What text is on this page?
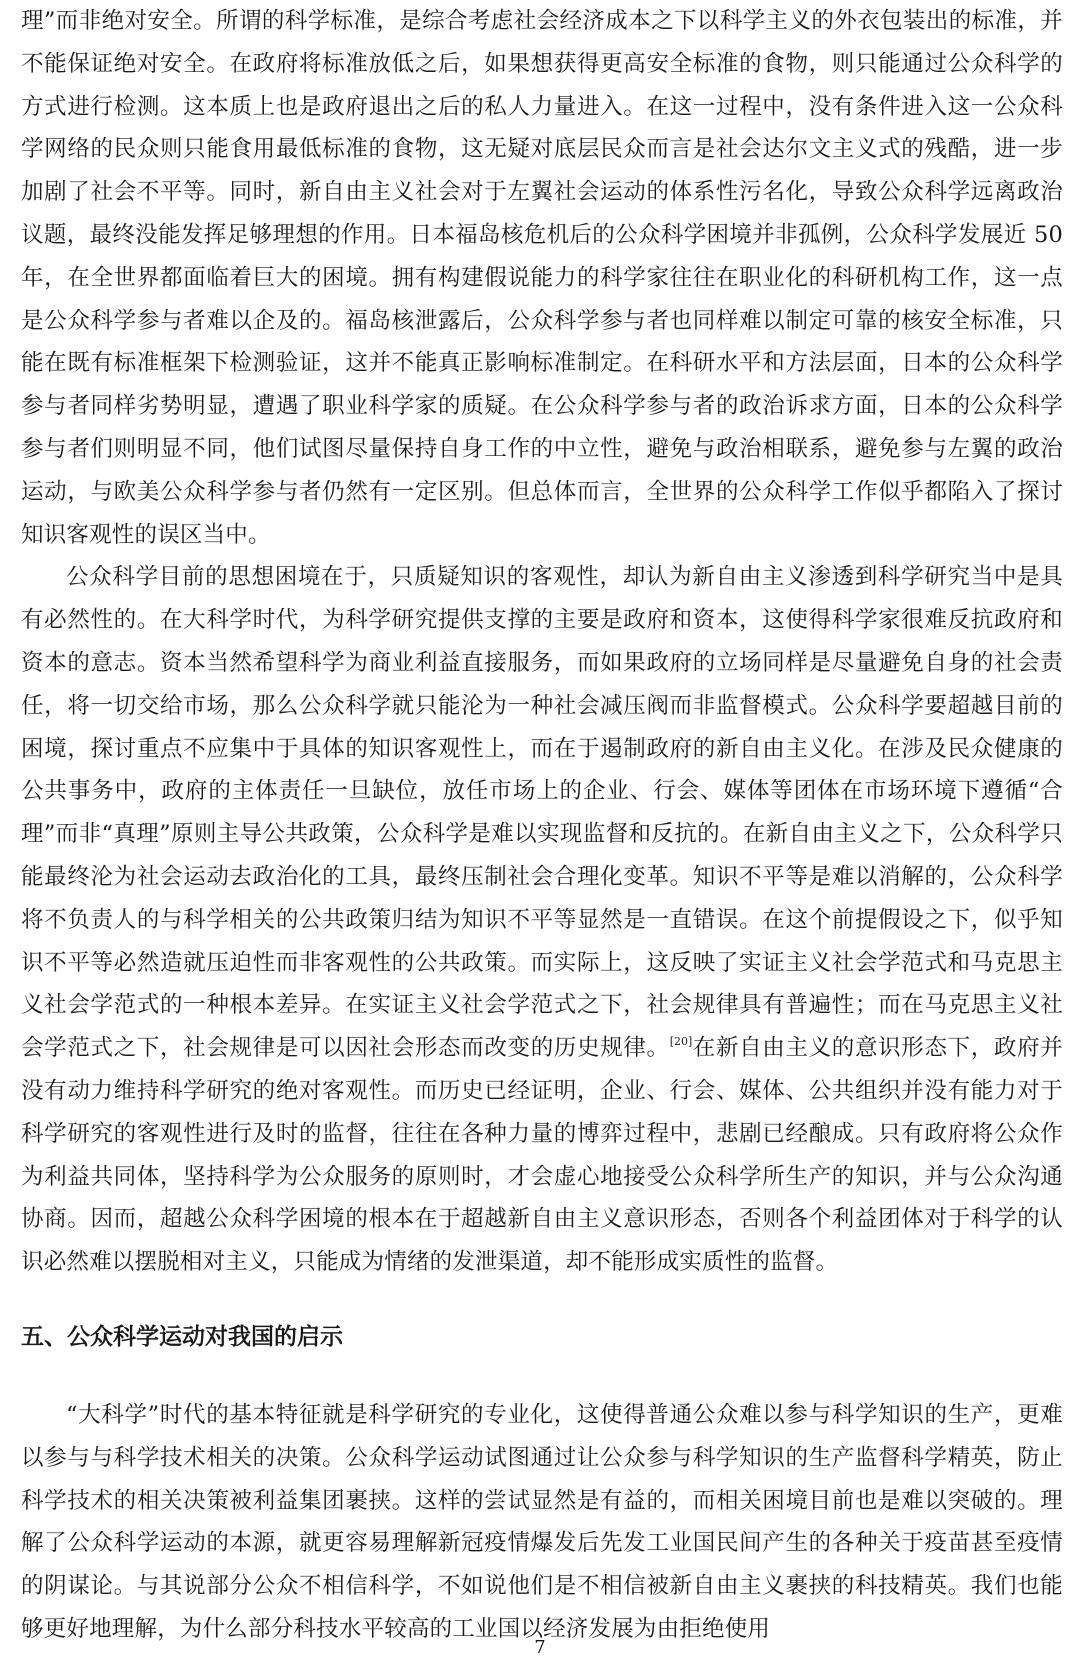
理”而非绝对安全。所谓的科学标准，是综合考虑社会经济成本之下以科学主义的外衣包装出的标准，并不能保证绝对安全。在政府将标准放低之后，如果想获得更高安全标准的食物，则只能通过公众科学的方式进行检测。这本质上也是政府退出之后的私人力量进入。在这一过程中，没有条件进入这一公众科学网络的民众则只能食用最低标准的食物，这无疑对底层民众而言是社会达尔文主义式的残酷，进一步加剧了社会不平等。同时，新自由主义社会对于左翼社会运动的体系性污名化，导致公众科学远离政治议题，最终没能发挥足够理想的作用。日本福岛核危机后的公众科学困境并非孤例，公众科学发展近 50 年，在全世界都面临着巨大的困境。拥有构建假说能力的科学家往往在职业化的科研机构工作，这一点是公众科学参与者难以企及的。福岛核泄露后，公众科学参与者也同样难以制定可靠的核安全标准，只能在既有标准框架下检测验证，这并不能真正影响标准制定。在科研水平和方法层面，日本的公众科学参与者同样劣势明显，遭遇了职业科学家的质疑。在公众科学参与者的政治诉求方面，日本的公众科学参与者们则明显不同，他们试图尽量保持自身工作的中立性，避免与政治相联系，避免参与左翼的政治运动，与欧美公众科学参与者仍然有一定区别。但总体而言，全世界的公众科学工作似乎都陷入了探讨知识客观性的误区当中。

公众科学目前的思想困境在于，只质疑知识的客观性，却认为新自由主义渗透到科学研究当中是具有必然性的。在大科学时代，为科学研究提供支撑的主要是政府和资本，这使得科学家很难反抗政府和资本的意志。资本当然希望科学为商业利益直接服务，而如果政府的立场同样是尽量避免自身的社会责任，将一切交给市场，那么公众科学就只能沦为一种社会减压阀而非监督模式。公众科学要超越目前的困境，探讨重点不应集中于具体的知识客观性上，而在于遏制政府的新自由主义化。在涉及民众健康的公共事务中，政府的主体责任一旦缺位，放任市场上的企业、行会、媒体等团体在市场环境下遵循“合理”而非“真理”原则主导公共政策，公众科学是难以实现监督和反抗的。在新自由主义之下，公众科学只能最终沦为社会运动去政治化的工具，最终压制社会合理化变革。知识不平等是难以消解的，公众科学将不负责人的与科学相关的公共政策归结为知识不平等显然是一直错误。在这个前提假设之下，似乎知识不平等必然造就压迫性而非客观性的公共政策。而实际上，这反映了实证主义社会学范式和马克思主义社会学范式的一种根本差异。在实证主义社会学范式之下，社会规律具有普遍性；而在马克思主义社会学范式之下，社会规律是可以因社会形态而改变的历史规律。[20]在新自由主义的意识形态下，政府并没有动力维持科学研究的绝对客观性。而历史已经证明，企业、行会、媒体、公共组织并没有能力对于科学研究的客观性进行及时的监督，往往在各种力量的博弈过程中，悲剧已经酿成。只有政府将公众作为利益共同体，坚持科学为公众服务的原则时，才会虚心地接受公众科学所生产的知识，并与公众沟通协商。因而，超越公众科学困境的根本在于超越新自由主义意识形态，否则各个利益团体对于科学的认识必然难以摆脱相对主义，只能成为情绪的发泄渠道，却不能形成实质性的监督。

五、公众科学运动对我国的启示

“大科学”时代的基本特征就是科学研究的专业化，这使得普通公众难以参与科学知识的生产，更难以参与与科学技术相关的决策。公众科学运动试图通过让公众参与科学知识的生产监督科学精英，防止科学技术的相关决策被利益集团裹挟。这样的尝试显然是有益的，而相关困境目前也是难以突破的。理解了公众科学运动的本源，就更容易理解新冠疫情爆发后先发工业国民间产生的各种关于疫苗甚至疫情的阴谋论。与其说部分公众不相信科学，不如说他们是不相信被新自由主义裹挟的科技精英。我们也能够更好地理解，为什么部分科技水平较高的工业国以经济发展为由拒绝使用

7
